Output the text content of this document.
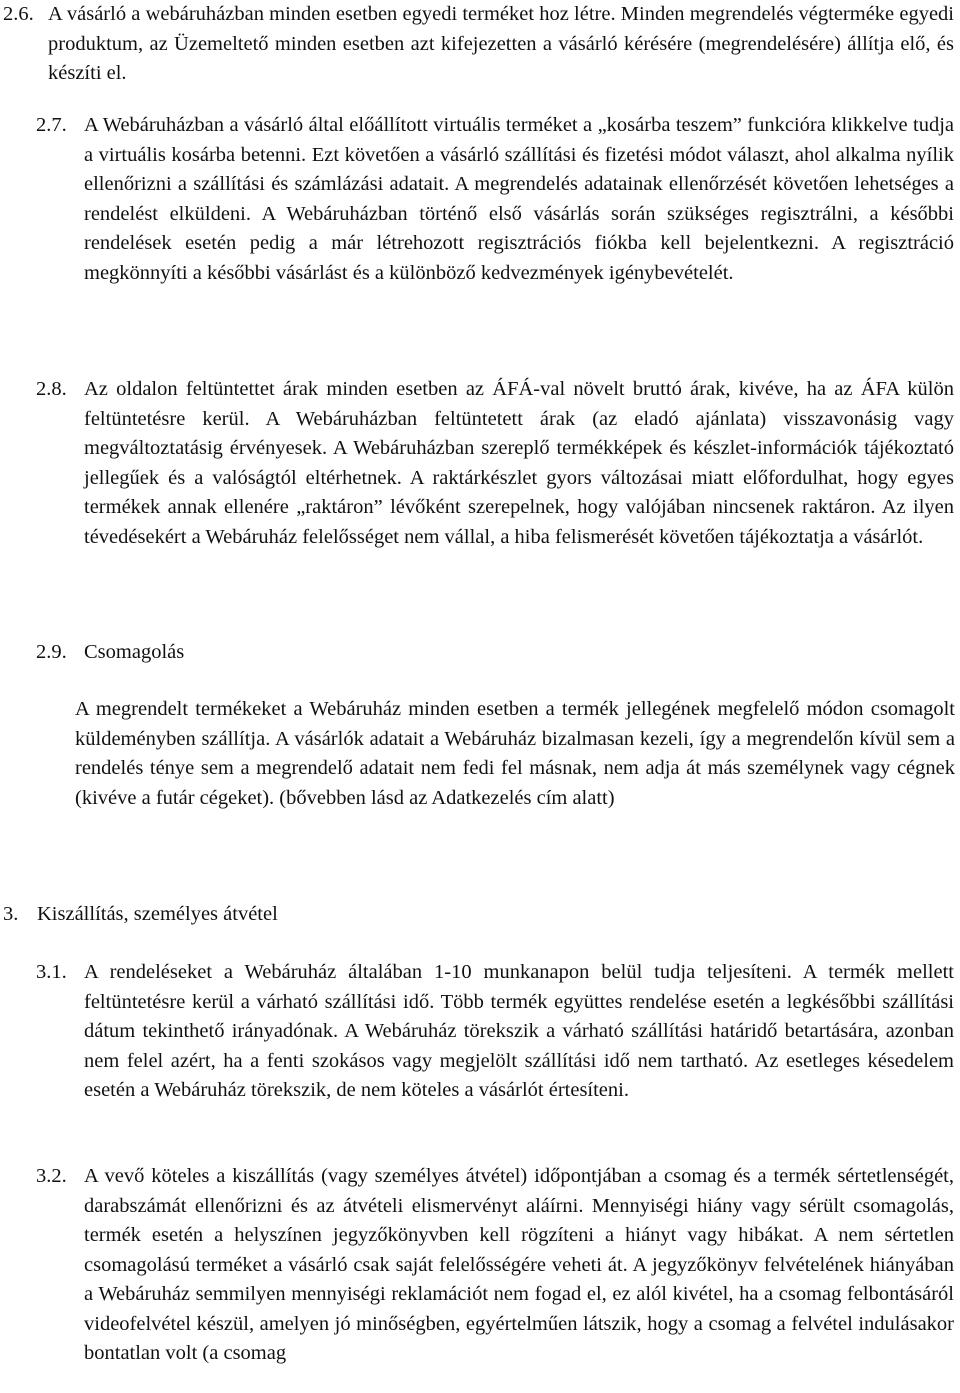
2.6. A vásárló a webáruházban minden esetben egyedi terméket hoz létre. Minden megrendelés végterméke egyedi produktum, az Üzemeltető minden esetben azt kifejezetten a vásárló kérésére (megrendelésére) állítja elő, és készíti el.
2.7. A Webáruházban a vásárló által előállított virtuális terméket a „kosárba teszem” funkcióra klikkelve tudja a virtuális kosárba betenni. Ezt követően a vásárló szállítási és fizetési módot választ, ahol alkalma nyílik ellenőrizni a szállítási és számlázási adatait. A megrendelés adatainak ellenőrzését követően lehetséges a rendelést elküldeni. A Webáruházban történő első vásárlás során szükséges regisztrálni, a későbbi rendelések esetén pedig a már létrehozott regisztrációs fiókba kell bejelentkezni. A regisztráció megkönnyíti a későbbi vásárlást és a különböző kedvezmények igénybevételét.
2.8. Az oldalon feltüntettet árak minden esetben az ÁFÁ-val növelt bruttó árak, kivéve, ha az ÁFA külön feltüntetésre kerül. A Webáruházban feltüntetett árak (az eladó ajánlata) visszavonásig vagy megváltoztatásig érvényesek. A Webáruházban szereplő termékképek és készlet-információk tájékoztató jellegűek és a valóságtól eltérhetnek. A raktárkészlet gyors változásai miatt előfordulhat, hogy egyes termékek annak ellenére „raktáron” lévőként szerepelnek, hogy valójában nincsenek raktáron. Az ilyen tévedésekért a Webáruház felelősséget nem vállal, a hiba felismerését követően tájékoztatja a vásárlót.
2.9. Csomagolás
A megrendelt termékeket a Webáruház minden esetben a termék jellegének megfelelő módon csomagolt küldeményben szállítja. A vásárlók adatait a Webáruház bizalmasan kezeli, így a megrendelőn kívül sem a rendelés ténye sem a megrendelő adatait nem fedi fel másnak, nem adja át más személynek vagy cégnek (kivéve a futár cégeket). (bővebben lásd az Adatkezelés cím alatt)
3. Kiszállítás, személyes átvétel
3.1. A rendeléseket a Webáruház általában 1-10 munkanapon belül tudja teljesíteni. A termék mellett feltüntetésre kerül a várható szállítási idő. Több termék együttes rendelése esetén a legkésőbbi szállítási dátum tekinthető irányadónak. A Webáruház törekszik a várható szállítási határidő betartására, azonban nem felel azért, ha a fenti szokásos vagy megjelölt szállítási idő nem tartható. Az esetleges késedelem esetén a Webáruház törekszik, de nem köteles a vásárlót értesíteni.
3.2. A vevő köteles a kiszállítás (vagy személyes átvétel) időpontjában a csomag és a termék sértetlenségét, darabszámát ellenőrizni és az átvételi elismervényt aláírni. Mennyiségi hiány vagy sérült csomagolás, termék esetén a helyszínen jegyzőkönyvben kell rögzíteni a hiányt vagy hibákat. A nem sértetlen csomagolású terméket a vásárló csak saját felelősségére veheti át. A jegyzőkönyv felvételének hiányában a Webáruház semmilyen mennyiségi reklamációt nem fogad el, ez alól kivétel, ha a csomag felbontásáról videofelvétel készül, amelyen jó minőségben, egyértelműen látszik, hogy a csomag a felvétel indulásakor bontatlan volt (a csomag
